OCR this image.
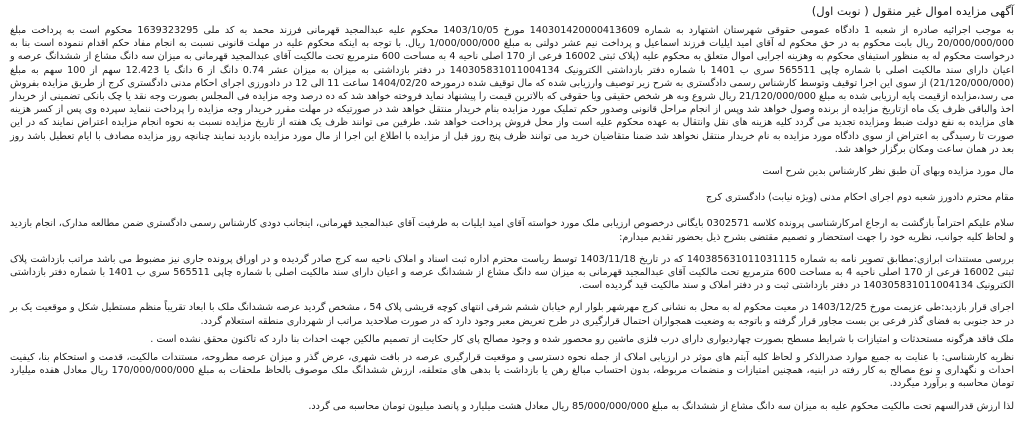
آگهی مزایده اموال غیر منقول ( نوبت اول)

به موجب اجرائیه صادره از شعبه 1 دادگاه عمومی حقوقی شهرستان اشتهارد به شماره 140301420000413609 مورخ 1403/10/05 محکوم علیه عبدالمجید قهرمانی فرزند محمد به کد ملی 1639323295 محکوم است به پرداخت مبلغ 20/000/000/000 ریال بابت محکوم به در حق محکوم له آقای امید ایلیات فرزند اسماعیل و پرداخت نیم عشر دولتی به مبلغ 1/000/000/000 ریال. با توجه به اینکه محکوم علیه در مهلت قانونی نسبت به انجام مفاد حکم اقدام ننموده است بنا به درخواست محکوم له به منظور استیفای محکوم به وهزینه اجرایی اموال متعلق به محکوم علیه (پلاک ثبتی 16002 فرعی از 170 اصلی ناحیه 4 به مساحت 600 مترمربع تحت مالکیت آقای عبدالمجید قهرمانی به میزان سه دانگ مشاع از ششدانگ عرصه و اعیان دارای سند مالکیت اصلی با شماره چاپی 565511 سری ب 1401 با شماره دفتر بازداشتی الکترونیک 140305831011004134 در دفتر بازداشتی به میزان به میزان عشر 0.74 دانگ از 6 دانگ یا 12.423 سهم از 100 سهم به مبلغ (21/120/000/000) از سوی این اجرا توقیف وتوسط کارشناس رسمی دادگستری به شرح زیر توصیف وارزیابی شده که مال توقیف شده درمورخه 1404/02/20 ساعت 11 الی 12 در دادورزی اجرای احکام مدنی دادگستری کرج از طریق مزایده بفروش می رسد،مزایده ازقیمت پایه ارزیابی شده به مبلغ 21/120/000/000 ریال شروع وبه هر شخص حقیقی ویا حقوقی که بالاترین قیمت را پیشنهاد نماید فروخته خواهد شد که ده درصد وجه مزایده فی المجلس بصورت وجه نقد یا چک بانکی تضمینی از خریدار اخذ والباقی ظرف یک ماه ازتاریخ مزایده از برنده وصول خواهد شد وپس از انجام مراحل قانونی وصدور حکم تملیک مورد مزایده بنام خریدار منتقل خواهد شد در صورتیکه در مهلت مقرر خریدار وجه مزایده را پرداخت ننماید سپرده وی پس از کسر هزینه های مزایده به نفع دولت ضبط ومزایده تجدید می گردد کلیه هزینه های نقل وانتقال به عهده محکوم علیه است واز محل فروش پرداخت خواهد شد. طرفین می توانند ظرف یک هفته از تاریخ مزایده نسبت به نحوه انجام مزایده اعتراض نمایند که در این صورت تا رسیدگی به اعتراض از سوی دادگاه مورد مزایده به نام خریدار منتقل نخواهد شد ضمنا متقاضیان خرید می توانند ظرف پنج روز قبل از مزایده با اطلاع این اجرا از مال مورد مزایده بازدید نمایند چنانچه روز مزایده مصادف با ایام تعطیل باشد روز بعد در همان ساعت ومکان برگزار خواهد شد.

مال مورد مزایده وبهای آن طبق نظر کارشناس بدین شرح است

مقام محترم دادورز شعبه دوم اجرای احکام مدنی (ویژه نیابت) دادگستری کرج

سلام علیکم احتراماً بازگشت به ارجاع امرکارشناسی پرونده کلاسه 0302571 بایگانی درخصوص ارزیابی ملک مورد خواسته آقای امید ایلیات به طرفیت آقای عبدالمجید قهرمانی، اینجانب دودی کارشناس رسمی دادگستری ضمن مطالعه مدارک، انجام بازدید و لحاظ کلیه جوانب، نظریه خود را جهت استحضار و تصمیم مقتضی بشرح ذیل بحضور تقدیم میدارم:

بررسی مستندات ابرازی:مطابق تصویر نامه به شماره 140385631011031115 که در تاریخ 1403/11/18 توسط ریاست محترم اداره ثبت اسناد و املاک ناحیه سه کرج صادر گردیده و در اوراق پرونده جاری نیز مضبوط می باشد مراتب بازداشت پلاک ثبتی 16002 فرعی از 170 اصلی ناحیه 4 به مساحت 600 مترمربع تحت مالکیت آقای عبدالمجید قهرمانی به میزان سه دانگ مشاع از ششدانگ عرصه و اعیان دارای سند مالکیت اصلی با شماره چاپی 565511 سری ب 1401 با شماره دفتر بازداشتی الکترونیک 140305831011004134 در دفتر بازداشتی ثبت و در دفتر املاک و سند مالکیت قید گردیده است.

اجرای قرار بازدید:طی عزیمت مورخ 1403/12/25 در معیت محکوم له به محل به نشانی کرج مهرشهر بلوار ارم خیابان ششم شرقی انتهای کوچه قریشی پلاک 54 ، مشخص گردید عرصه ششدانگ ملک با ابعاد تقریباً منظم مستطیل شکل و موقعیت یک بر در حد جنوبی به فضای گذر فرعی بن بست مجاور قرار گرفته و باتوجه به وضعیت همجواران احتمال قرارگیری در طرح تعریض معبر وجود دارد که در صورت صلاحدید مراتب از شهرداری منطقه استعلام گردد.

ملک فاقد هرگونه مستحدثات و امتیازات با شرایط مسطح بصورت چهاردیواری دارای درب فلزی ماشین رو محصور شده و وجود مصالح پای کار حکایت از تصمیم مالکین جهت احداث بنا دارد که تاکنون محقق نشده است .

نظریه کارشناسی: با عنایت به جمیع موارد صدرالذکر و لحاظ کلیه آیتم های موثر در ارزیابی املاک از جمله نحوه دسترسی و موقعیت قرارگیری عرصه در بافت شهری، عرض گذر و میزان عرصه مطروحه، مستندات مالکیت، قدمت و استحکام بنا، کیفیت احداث و نگهداری و نوع مصالح به کار رفته در ابنیه، همچنین امتیازات و منضمات مربوطه، بدون احتساب مبالغ رهن یا بازداشت یا بدهی های متعلقه، ارزش ششدانگ ملک موصوف بالحاظ ملحقات به مبلغ 170/000/000/000 ریال معادل هفده میلیارد تومان محاسبه و برآورد میگردد.

لذا ارزش قدرالسهم تحت مالکیت محکوم علیه به میزان سه دانگ مشاع از ششدانگ به مبلغ 85/000/000/000 ریال معادل هشت میلیارد و پانصد میلیون تومان محاسبه می گردد.
